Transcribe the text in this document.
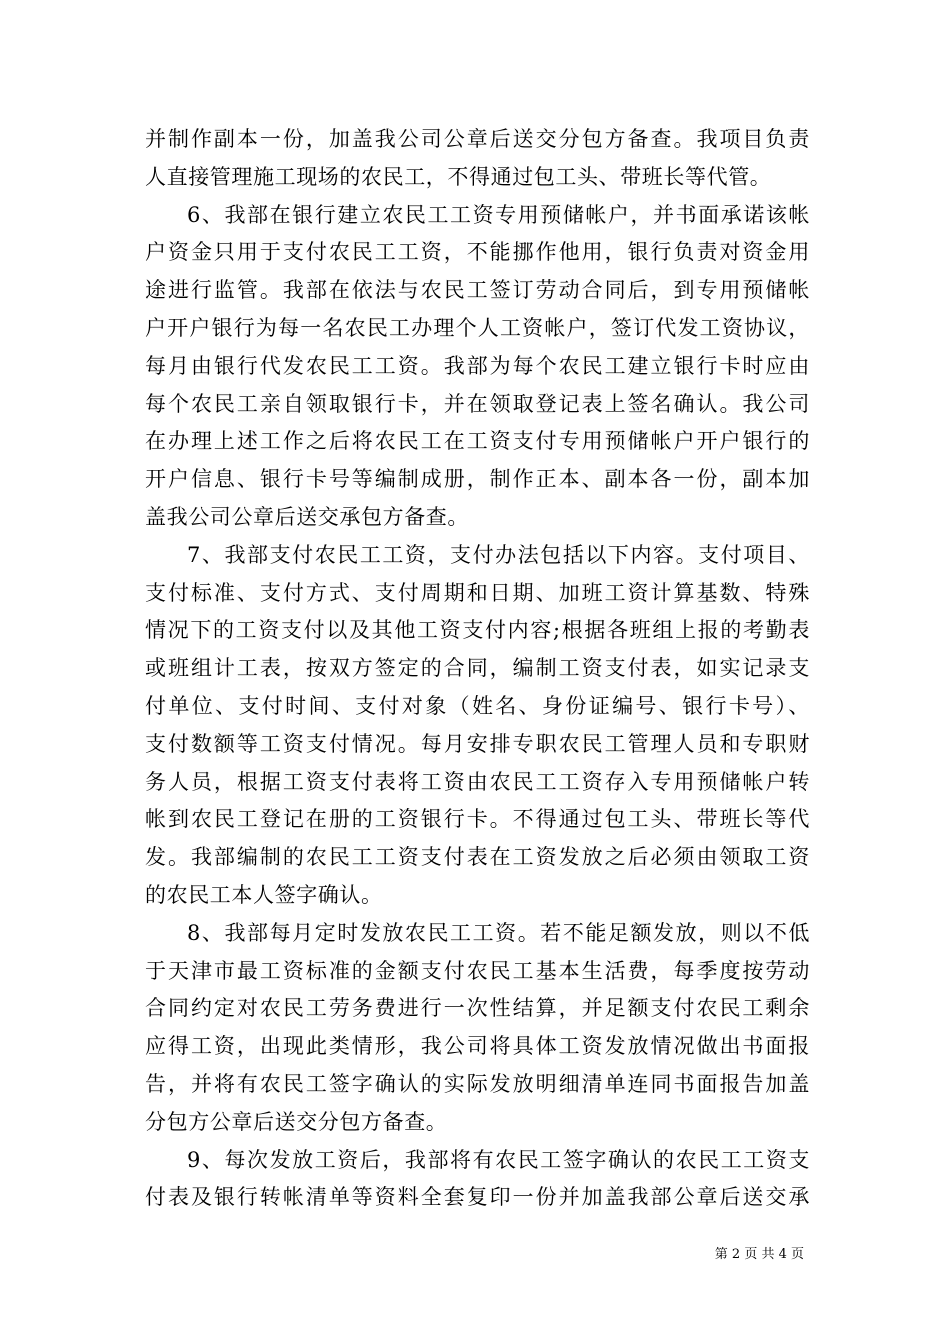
并制作副本一份，加盖我公司公章后送交分包方备查。我项目负责
人直接管理施工现场的农民工，不得通过包工头、带班长等代管。
6、我部在银行建立农民工工资专用预储帐户，并书面承诺该帐
户资金只用于支付农民工工资，不能挪作他用，银行负责对资金用
途进行监管。我部在依法与农民工签订劳动合同后，到专用预储帐
户开户银行为每一名农民工办理个人工资帐户，签订代发工资协议，
每月由银行代发农民工工资。我部为每个农民工建立银行卡时应由
每个农民工亲自领取银行卡，并在领取登记表上签名确认。我公司
在办理上述工作之后将农民工在工资支付专用预储帐户开户银行的
开户信息、银行卡号等编制成册，制作正本、副本各一份，副本加
盖我公司公章后送交承包方备查。
7、我部支付农民工工资，支付办法包括以下内容。支付项目、
支付标准、支付方式、支付周期和日期、加班工资计算基数、特殊
情况下的工资支付以及其他工资支付内容;根据各班组上报的考勤表
或班组计工表，按双方签定的合同，编制工资支付表，如实记录支
付单位、支付时间、支付对象（姓名、身份证编号、银行卡号）、
支付数额等工资支付情况。每月安排专职农民工管理人员和专职财
务人员，根据工资支付表将工资由农民工工资存入专用预储帐户转
帐到农民工登记在册的工资银行卡。不得通过包工头、带班长等代
发。我部编制的农民工工资支付表在工资发放之后必须由领取工资
的农民工本人签字确认。
8、我部每月定时发放农民工工资。若不能足额发放，则以不低
于天津市最工资标准的金额支付农民工基本生活费，每季度按劳动
合同约定对农民工劳务费进行一次性结算，并足额支付农民工剩余
应得工资，出现此类情形，我公司将具体工资发放情况做出书面报
告，并将有农民工签字确认的实际发放明细清单连同书面报告加盖
分包方公章后送交分包方备查。
9、每次发放工资后，我部将有农民工签字确认的农民工工资支
付表及银行转帐清单等资料全套复印一份并加盖我部公章后送交承
第 2 页 共 4 页
